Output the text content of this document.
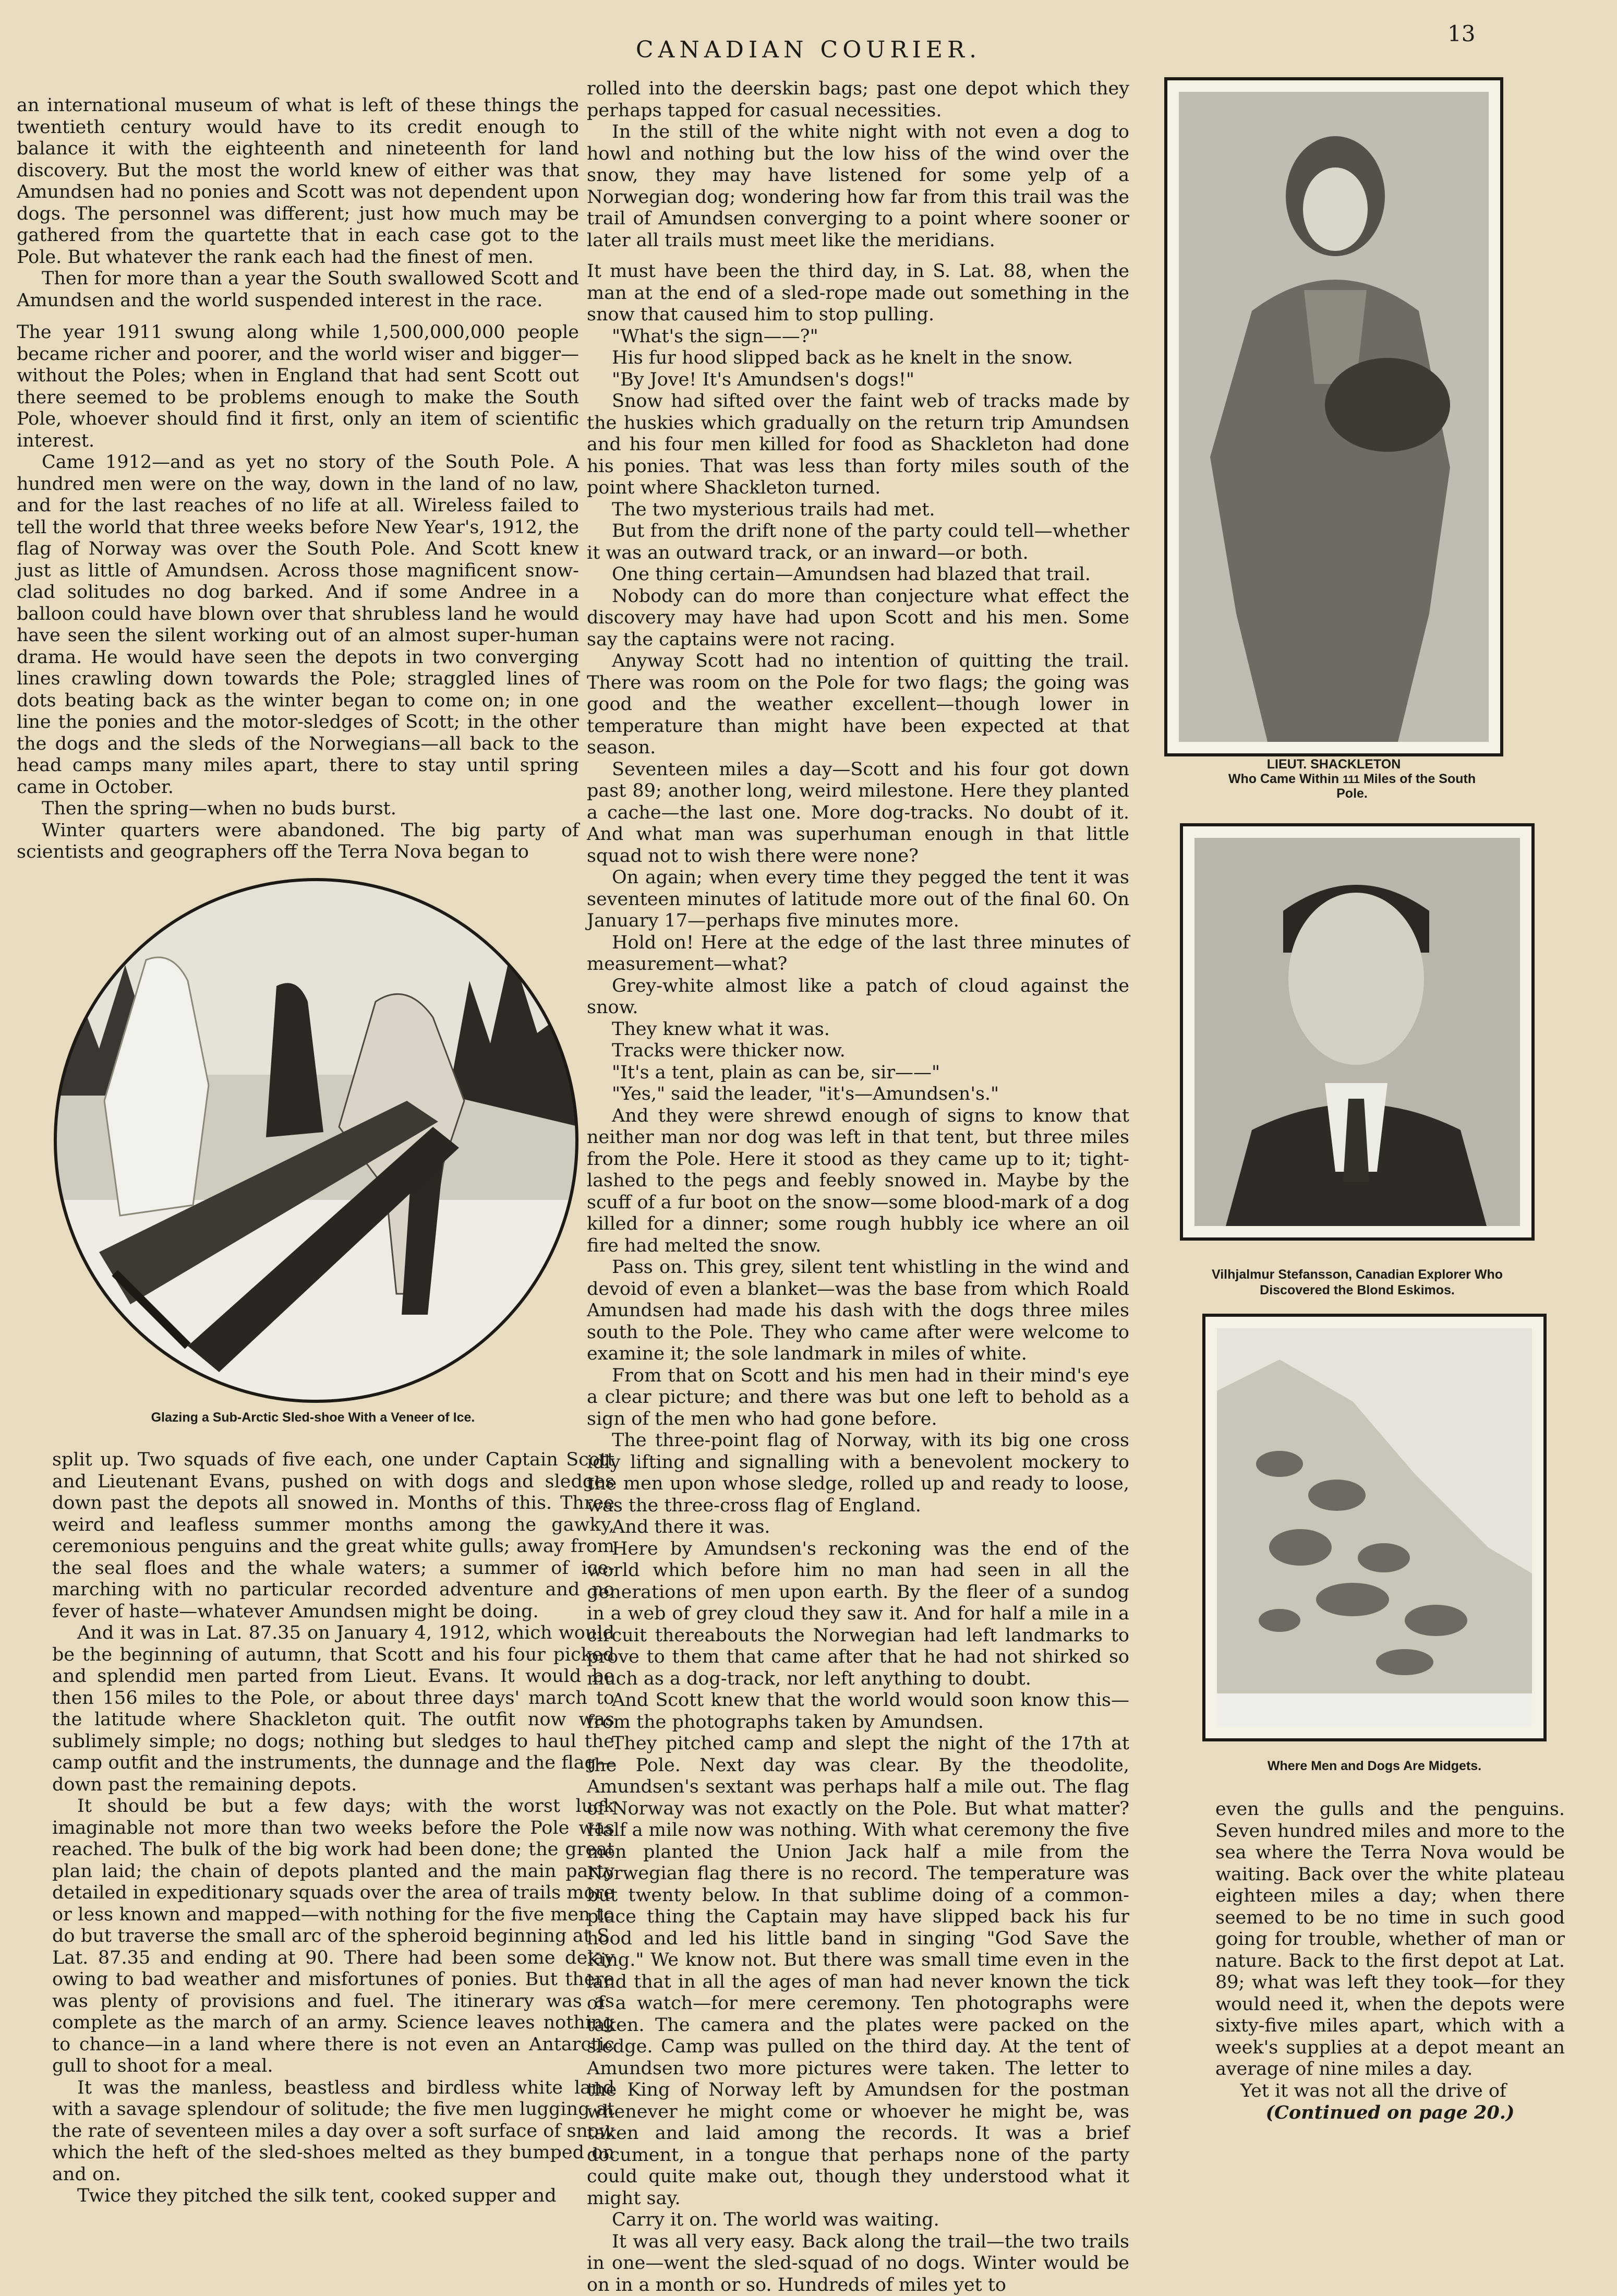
13
CANADIAN COURIER.

an international museum of what is left of these things the twentieth century would have to its credit enough to balance it with the eighteenth and nineteenth for land discovery. But the most the world knew of either was that Amundsen had no ponies and Scott was not dependent upon dogs. The personnel was different; just how much may be gathered from the quartette that in each case got to the Pole. But whatever the rank each had the finest of men.

Then for more than a year the South swallowed Scott and Amundsen and the world suspended interest in the race.

The year 1911 swung along while 1,500,000,000 people became richer and poorer, and the world wiser and bigger—without the Poles; when in England that had sent Scott out there seemed to be problems enough to make the South Pole, whoever should find it first, only an item of scientific interest.

Came 1912—and as yet no story of the South Pole. A hundred men were on the way, down in the land of no law, and for the last reaches of no life at all. Wireless failed to tell the world that three weeks before New Year's, 1912, the flag of Norway was over the South Pole. And Scott knew just as little of Amundsen. Across those magnificent snow-clad solitudes no dog barked. And if some Andree in a balloon could have blown over that shrubless land he would have seen the silent working out of an almost super-human drama. He would have seen the depots in two converging lines crawling down towards the Pole; straggled lines of dots beating back as the winter began to come on; in one line the ponies and the motor-sledges of Scott; in the other the dogs and the sleds of the Norwegians—all back to the head camps many miles apart, there to stay until spring came in October.

Then the spring—when no buds burst.

Winter quarters were abandoned. The big party of scientists and geographers off the Terra Nova began to

Glazing a Sub-Arctic Sled-shoe With a Veneer of Ice.

split up. Two squads of five each, one under Captain Scott and Lieutenant Evans, pushed on with dogs and sledges down past the depots all snowed in. Months of this. Three weird and leafless summer months among the gawky, ceremonious penguins and the great white gulls; away from the seal floes and the whale waters; a summer of ice-marching with no particular recorded adventure and no fever of haste—whatever Amundsen might be doing.

And it was in Lat. 87.35 on January 4, 1912, which would be the beginning of autumn, that Scott and his four picked and splendid men parted from Lieut. Evans. It would be then 156 miles to the Pole, or about three days' march to the latitude where Shackleton quit. The outfit now was sublimely simple; no dogs; nothing but sledges to haul the camp outfit and the instruments, the dunnage and the flag—down past the remaining depots.

It should be but a few days; with the worst luck imaginable not more than two weeks before the Pole was reached. The bulk of the big work had been done; the great plan laid; the chain of depots planted and the main party detailed in expeditionary squads over the area of trails more or less known and mapped—with nothing for the five men to do but traverse the small arc of the spheroid beginning at S. Lat. 87.35 and ending at 90. There had been some delay owing to bad weather and misfortunes of ponies. But there was plenty of provisions and fuel. The itinerary was as complete as the march of an army. Science leaves nothing to chance—in a land where there is not even an Antarctic gull to shoot for a meal.

It was the manless, beastless and birdless white land with a savage splendour of solitude; the five men lugging at the rate of seventeen miles a day over a soft surface of snow which the heft of the sled-shoes melted as they bumped on and on.

Twice they pitched the silk tent, cooked supper and

rolled into the deerskin bags; past one depot which they perhaps tapped for casual necessities.

In the still of the white night with not even a dog to howl and nothing but the low hiss of the wind over the snow, they may have listened for some yelp of a Norwegian dog; wondering how far from this trail was the trail of Amundsen converging to a point where sooner or later all trails must meet like the meridians.

It must have been the third day, in S. Lat. 88, when the man at the end of a sled-rope made out something in the snow that caused him to stop pulling.

"What's the sign——?"

His fur hood slipped back as he knelt in the snow.

"By Jove! It's Amundsen's dogs!"

Snow had sifted over the faint web of tracks made by the huskies which gradually on the return trip Amundsen and his four men killed for food as Shackleton had done his ponies. That was less than forty miles south of the point where Shackleton turned.

The two mysterious trails had met.

But from the drift none of the party could tell—whether it was an outward track, or an inward—or both.

One thing certain—Amundsen had blazed that trail.

Nobody can do more than conjecture what effect the discovery may have had upon Scott and his men. Some say the captains were not racing.

Anyway Scott had no intention of quitting the trail. There was room on the Pole for two flags; the going was good and the weather excellent—though lower in temperature than might have been expected at that season.

Seventeen miles a day—Scott and his four got down past 89; another long, weird milestone. Here they planted a cache—the last one. More dog-tracks. No doubt of it. And what man was superhuman enough in that little squad not to wish there were none?

On again; when every time they pegged the tent it was seventeen minutes of latitude more out of the final 60. On January 17—perhaps five minutes more.

Hold on! Here at the edge of the last three minutes of measurement—what?

Grey-white almost like a patch of cloud against the snow.

They knew what it was.

Tracks were thicker now.

"It's a tent, plain as can be, sir——"

"Yes," said the leader, "it's—Amundsen's."

And they were shrewd enough of signs to know that neither man nor dog was left in that tent, but three miles from the Pole. Here it stood as they came up to it; tight-lashed to the pegs and feebly snowed in. Maybe by the scuff of a fur boot on the snow—some blood-mark of a dog killed for a dinner; some rough hubbly ice where an oil fire had melted the snow.

Pass on. This grey, silent tent whistling in the wind and devoid of even a blanket—was the base from which Roald Amundsen had made his dash with the dogs three miles south to the Pole. They who came after were welcome to examine it; the sole landmark in miles of white.

From that on Scott and his men had in their mind's eye a clear picture; and there was but one left to behold as a sign of the men who had gone before.

The three-point flag of Norway, with its big one cross idly lifting and signalling with a benevolent mockery to the men upon whose sledge, rolled up and ready to loose, was the three-cross flag of England.

And there it was.

Here by Amundsen's reckoning was the end of the world which before him no man had seen in all the generations of men upon earth. By the fleer of a sundog in a web of grey cloud they saw it. And for half a mile in a circuit thereabouts the Norwegian had left landmarks to prove to them that came after that he had not shirked so much as a dog-track, nor left anything to doubt.

And Scott knew that the world would soon know this—from the photographs taken by Amundsen.

They pitched camp and slept the night of the 17th at the Pole. Next day was clear. By the theodolite, Amundsen's sextant was perhaps half a mile out. The flag of Norway was not exactly on the Pole. But what matter? Half a mile now was nothing. With what ceremony the five men planted the Union Jack half a mile from the Norwegian flag there is no record. The temperature was but twenty below. In that sublime doing of a common-place thing the Captain may have slipped back his fur hood and led his little band in singing "God Save the King." We know not. But there was small time even in the land that in all the ages of man had never known the tick of a watch—for mere ceremony. Ten photographs were taken. The camera and the plates were packed on the sledge. Camp was pulled on the third day. At the tent of Amundsen two more pictures were taken. The letter to the King of Norway left by Amundsen for the postman whenever he might come or whoever he might be, was taken and laid among the records. It was a brief document, in a tongue that perhaps none of the party could quite make out, though they understood what it might say.

Carry it on. The world was waiting.

It was all very easy. Back along the trail—the two trails in one—went the sled-squad of no dogs. Winter would be on in a month or so. Hundreds of miles yet to

LIEUT. SHACKLETON
Who Came Within 111 Miles of the South
Pole.
Vilhjalmur Stefansson, Canadian Explorer Who
Discovered the Blond Eskimos.
Where Men and Dogs Are Midgets.

even the gulls and the penguins. Seven hundred miles and more to the sea where the Terra Nova would be waiting. Back over the white plateau eighteen miles a day; when there seemed to be no time in such good going for trouble, whether of man or nature. Back to the first depot at Lat. 89; what was left they took—for they would need it, when the depots were sixty-five miles apart, which with a week's supplies at a depot meant an average of nine miles a day.

Yet it was not all the drive of

(Continued on page 20.)
